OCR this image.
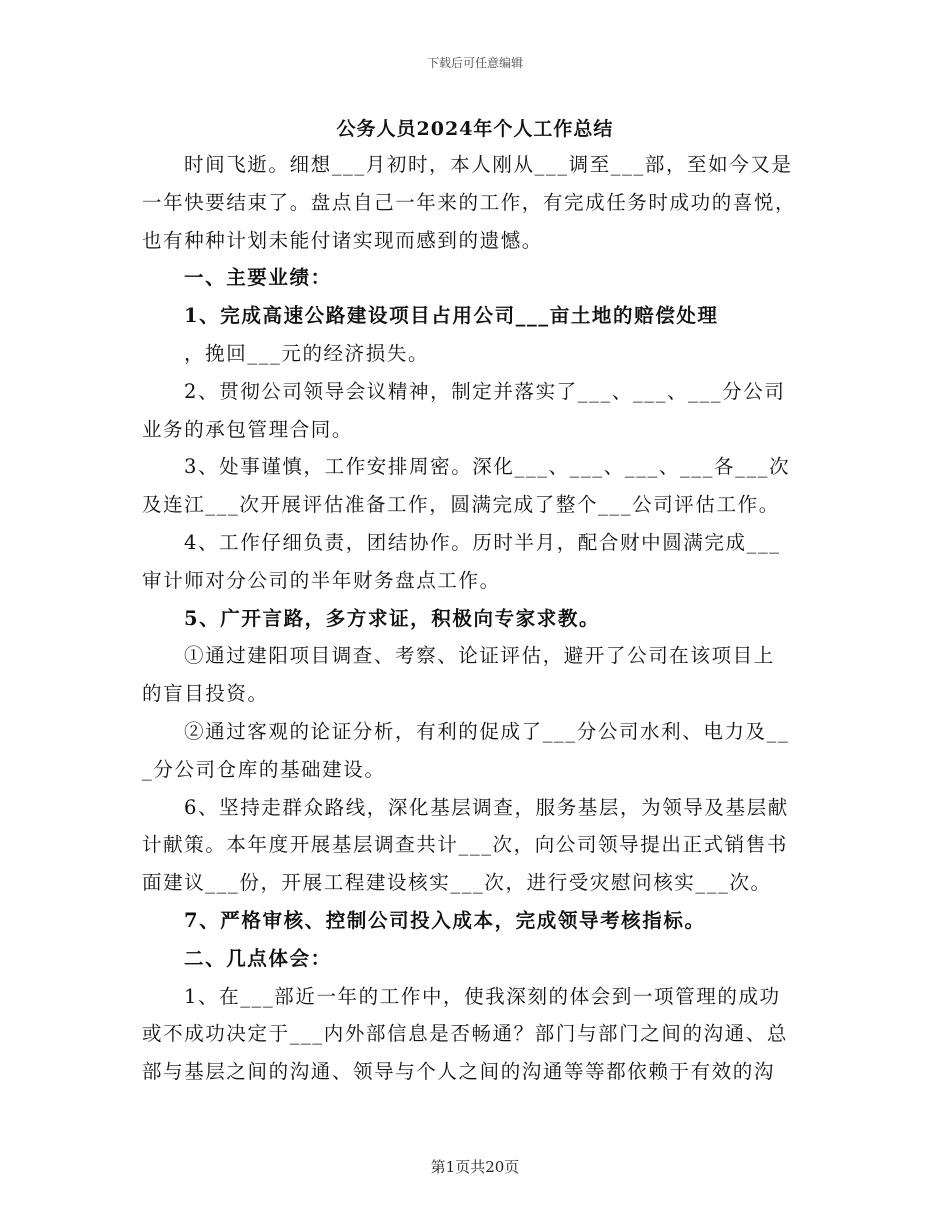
下载后可任意编辑
公务人员2024年个人工作总结
时间飞逝。细想___月初时，本人刚从___调至___部，至如今又是
一年快要结束了。盘点自己一年来的工作，有完成任务时成功的喜悦，
也有种种计划未能付诸实现而感到的遗憾。
一、主要业绩：
1、完成高速公路建设项目占用公司___亩土地的赔偿处理
，挽回___元的经济损失。
2、贯彻公司领导会议精神，制定并落实了___、___、___分公司
业务的承包管理合同。
3、处事谨慎，工作安排周密。深化___、___、___、___各___次
及连江___次开展评估准备工作，圆满完成了整个___公司评估工作。
4、工作仔细负责，团结协作。历时半月，配合财中圆满完成___
审计师对分公司的半年财务盘点工作。
5、广开言路，多方求证，积极向专家求教。
①通过建阳项目调查、考察、论证评估，避开了公司在该项目上
的盲目投资。
②通过客观的论证分析，有利的促成了___分公司水利、电力及__
_分公司仓库的基础建设。
6、坚持走群众路线，深化基层调查，服务基层，为领导及基层献
计献策。本年度开展基层调查共计___次，向公司领导提出正式销售书
面建议___份，开展工程建设核实___次，进行受灾慰问核实___次。
7、严格审核、控制公司投入成本，完成领导考核指标。
二、几点体会：
1、在___部近一年的工作中，使我深刻的体会到一项管理的成功
或不成功决定于___内外部信息是否畅通？部门与部门之间的沟通、总
部与基层之间的沟通、领导与个人之间的沟通等等都依赖于有效的沟
第1页共20页
